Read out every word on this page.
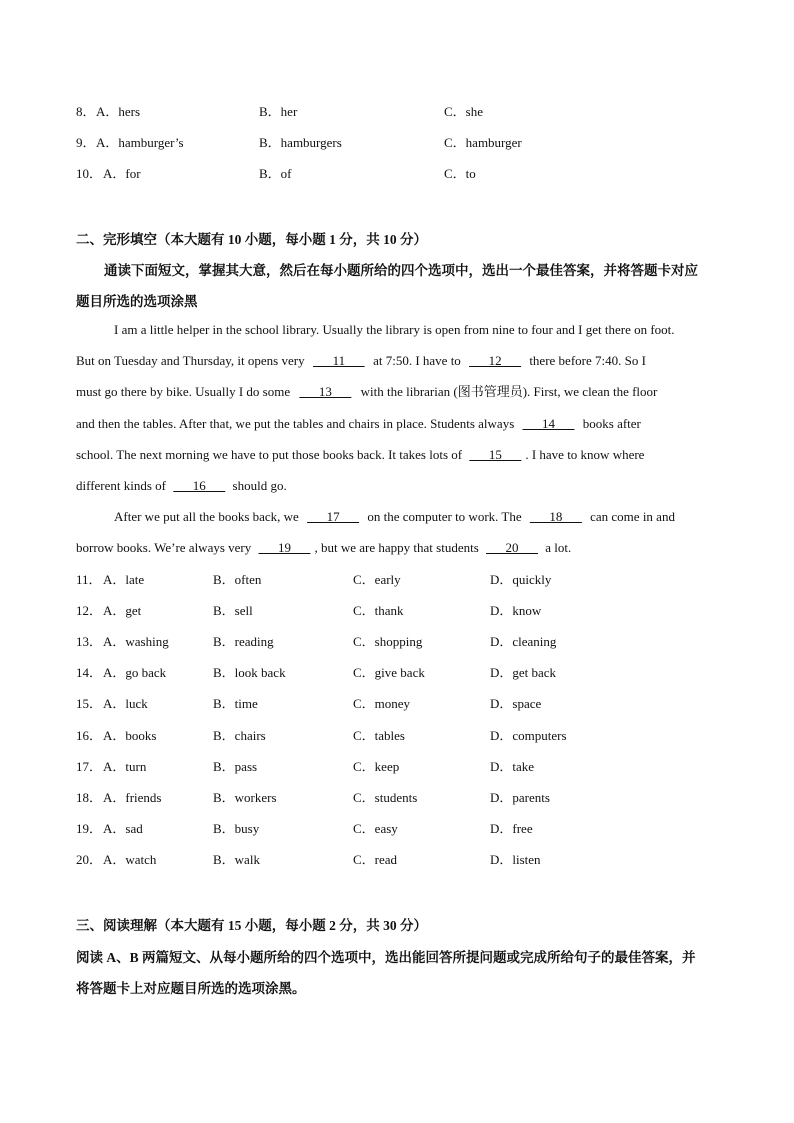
8． A．hers	B．her	C．she
9． A．hamburger’s	B．hamburgers	C．hamburger
10． A．for	B．of	C．to
二、完形填空（本大题有 10 小题，每小题 1 分，共 10 分）
通读下面短文，掌握其大意，然后在每小题所给的四个选项中，选出一个最佳答案，并将答题卡对应
题目所选的选项涂黑
I am a little helper in the school library. Usually the library is open from nine to four and I get there on foot.
But on Tuesday and Thursday, it opens very       11       at 7:50. I have to       12       there before 7:40. So I
must go there by bike. Usually I do some       13       with the librarian (图书管理员). First, we clean the floor
and then the tables. After that, we put the tables and chairs in place. Students always       14       books after
school. The next morning we have to put those books back. It takes lots of       15      . I have to know where
different kinds of       16       should go.
After we put all the books back, we       17       on the computer to work. The       18       can come in and
borrow books. We’re always very       19      , but we are happy that students       20       a lot.
11． A．late	B．often	C．early	D．quickly
12． A．get	B．sell	C．thank	D．know
13． A．washing	B．reading	C．shopping	D．cleaning
14． A．go back	B．look back	C．give back	D．get back
15． A．luck	B．time	C．money	D．space
16． A．books	B．chairs	C．tables	D．computers
17． A．turn	B．pass	C．keep	D．take
18． A．friends	B．workers	C．students	D．parents
19． A．sad	B．busy	C．easy	D．free
20． A．watch	B．walk	C．read	D．listen
三、阅读理解（本大题有 15 小题，每小题 2 分，共 30 分）
阅读 A、B 两篇短文、从每小题所给的四个选项中，选出能回答所提问题或完成所给句子的最佳答案，并
将答题卡上对应题目所选的选项涂黑。
